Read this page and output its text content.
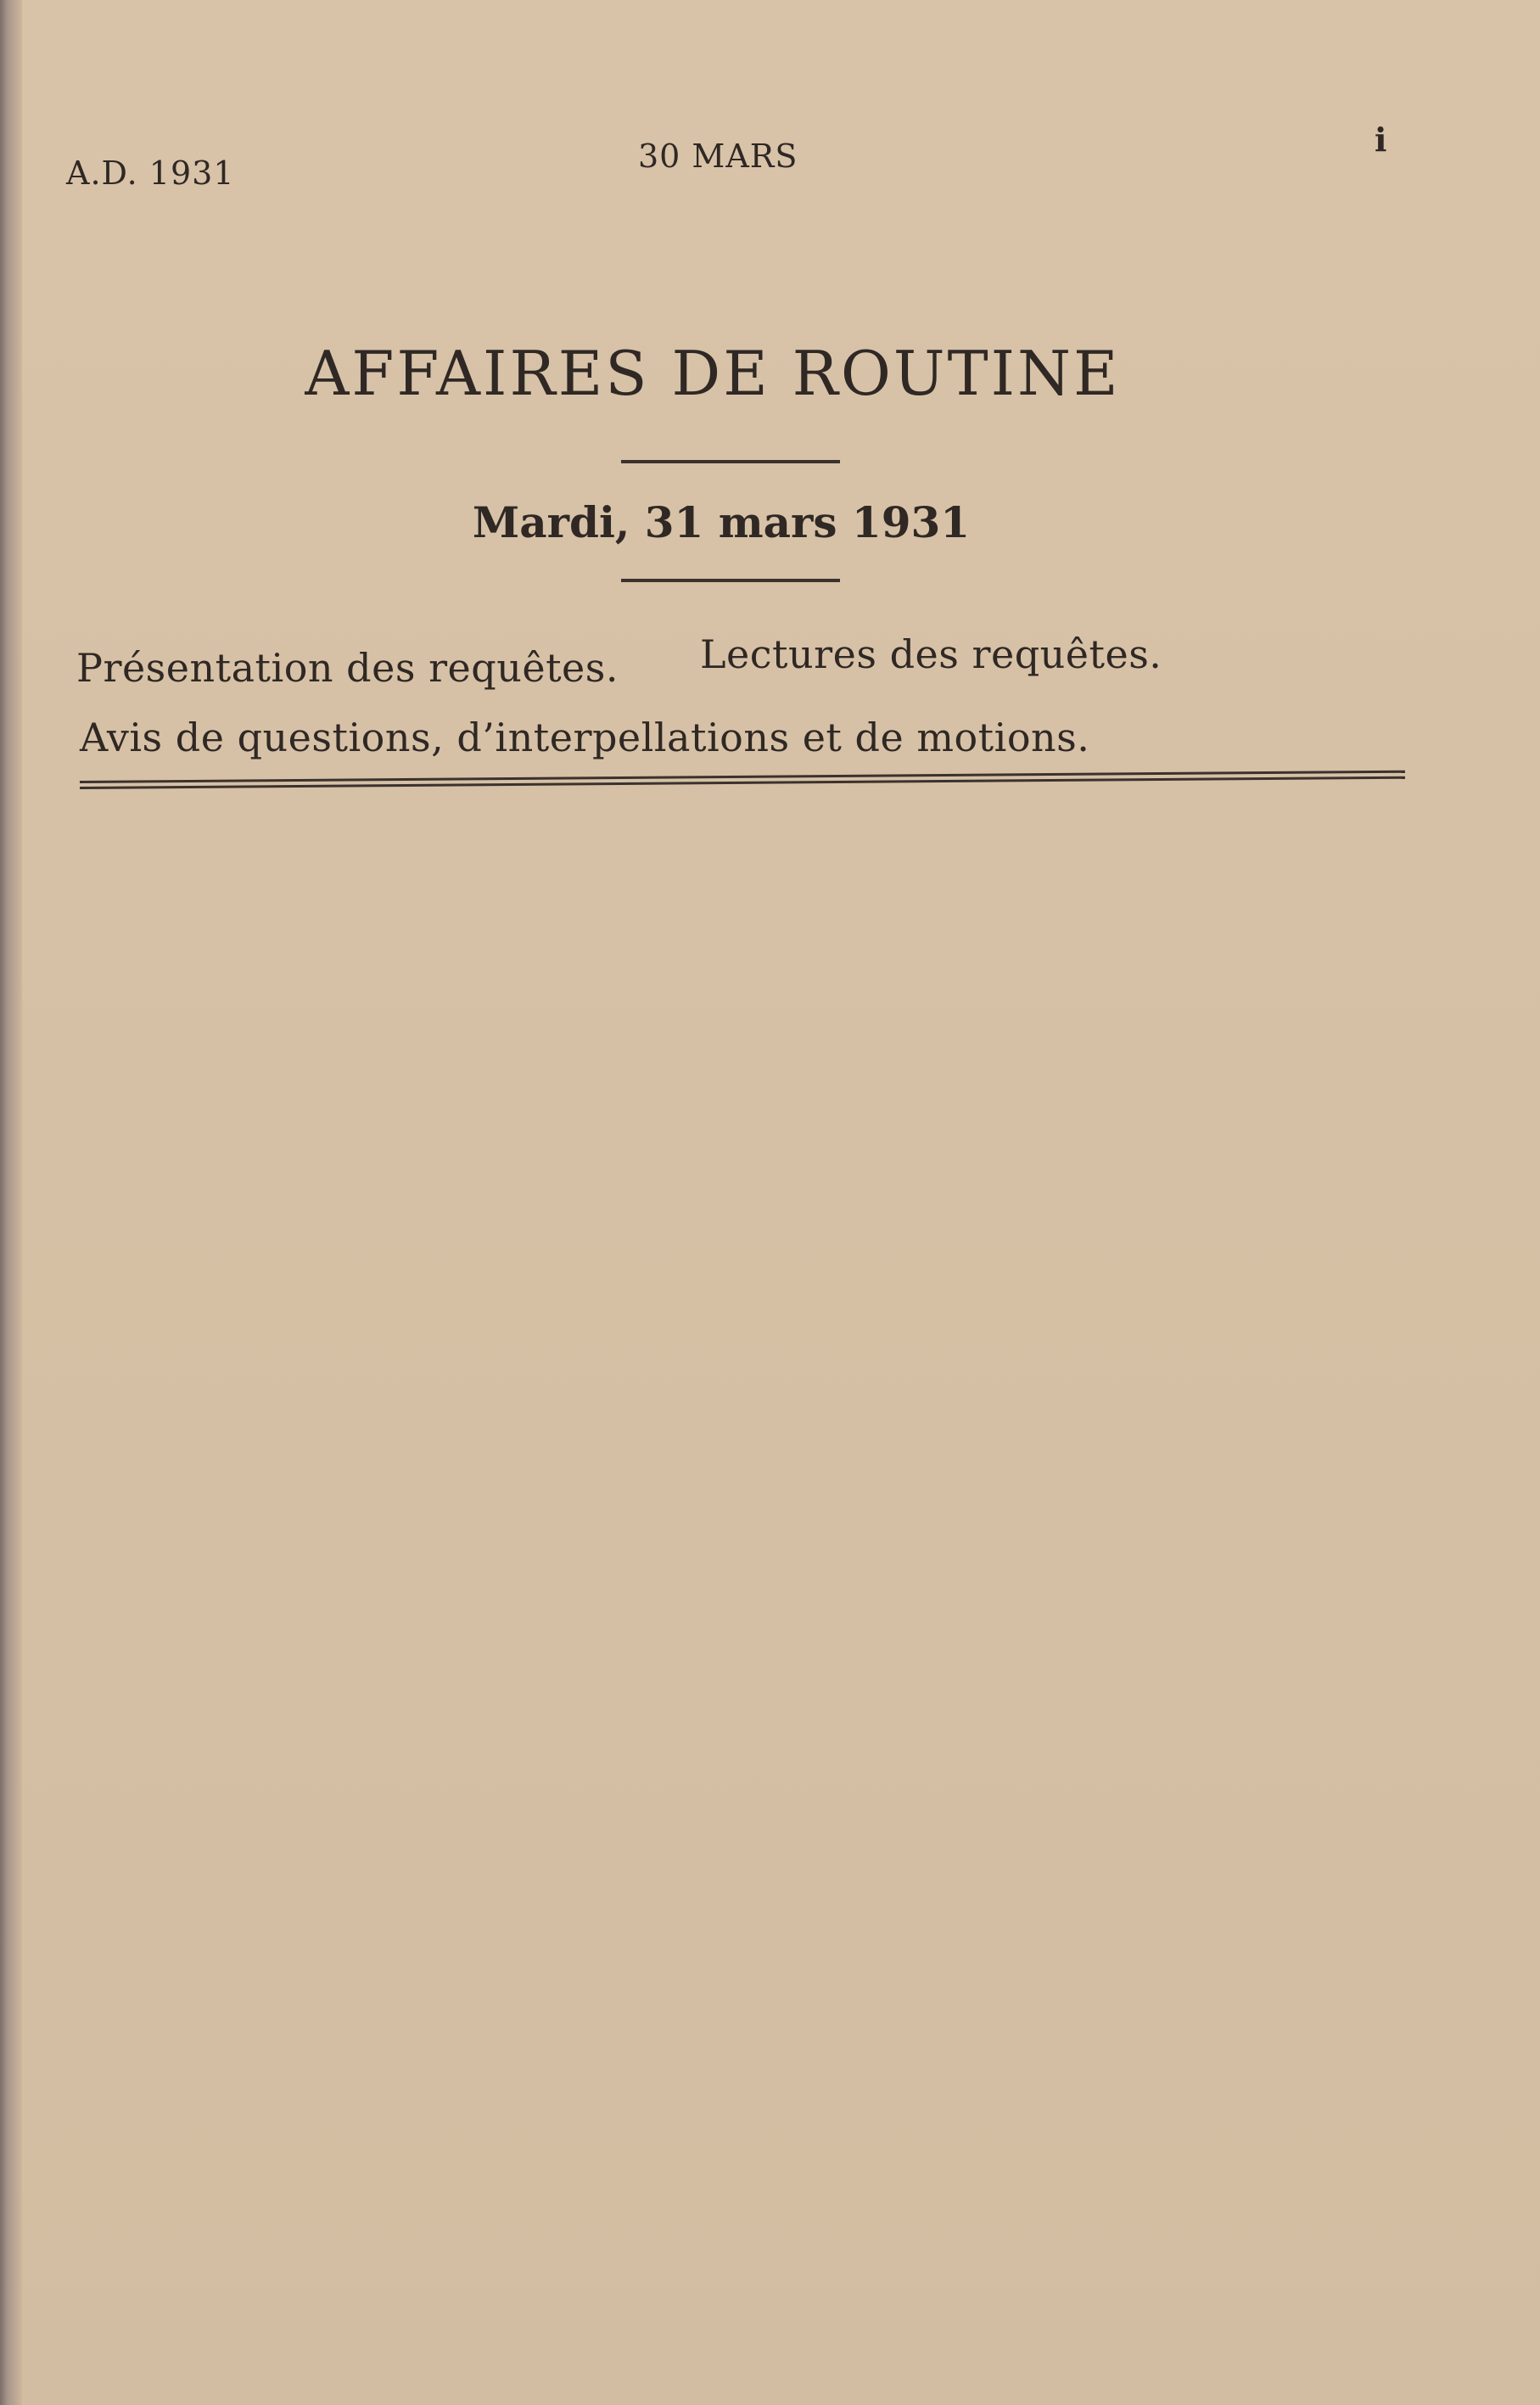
A.D. 1931	30 MARS	i
AFFAIRES DE ROUTINE
Mardi, 31 mars 1931
Présentation des requêtes. Lectures des requêtes.
Avis de questions, d’interpellations et de motions.
